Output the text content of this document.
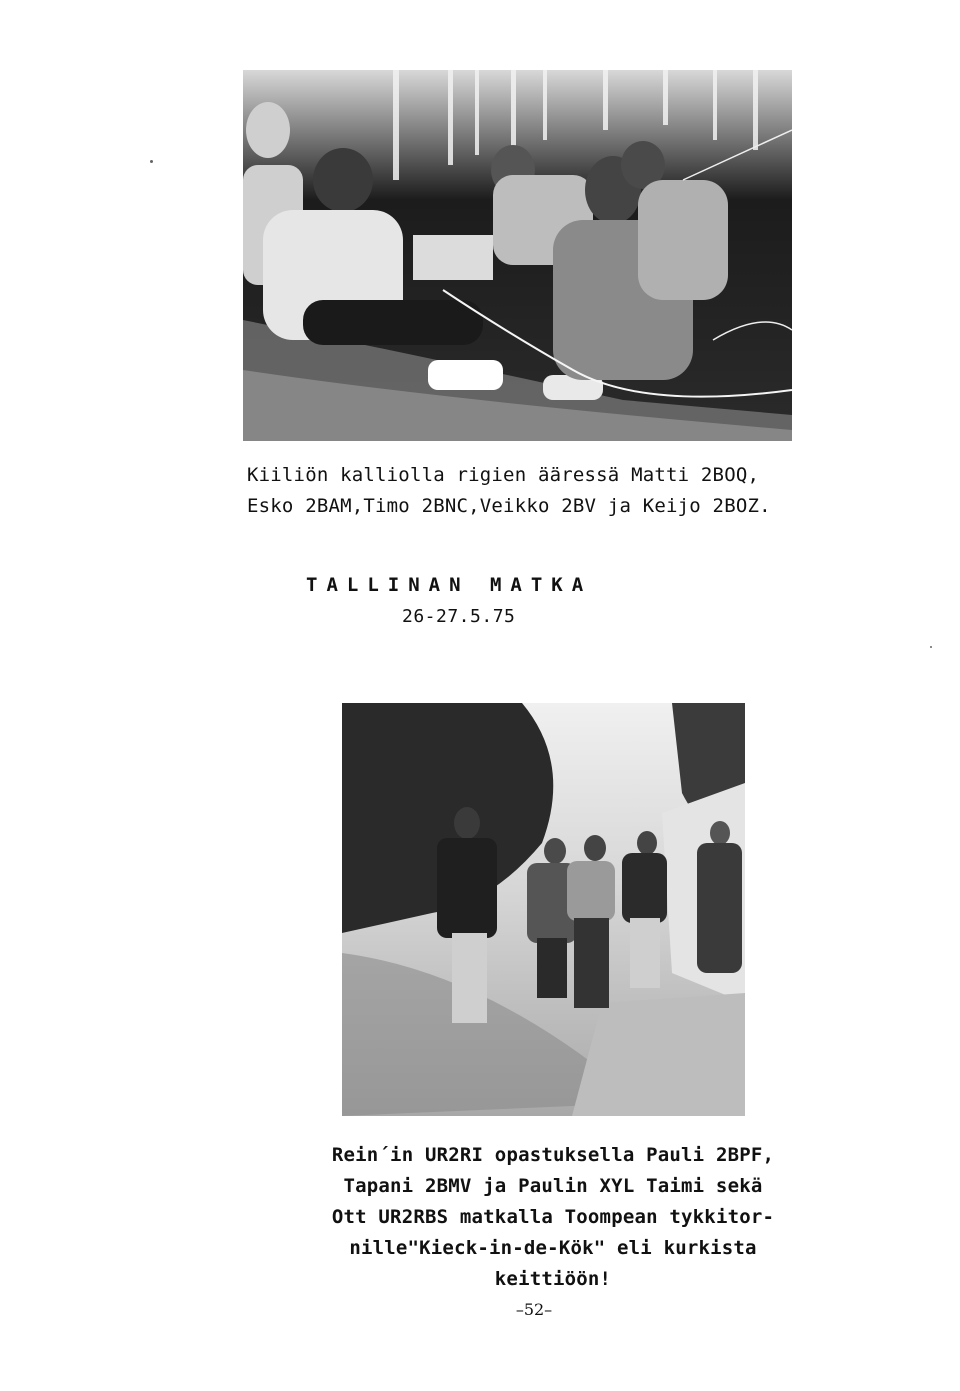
Kiiliön kalliolla rigien ääressä Matti 2BOQ,
Esko 2BAM,Timo 2BNC,Veikko 2BV ja Keijo 2BOZ.
TALLINAN MATKA
26-27.5.75
Rein´in UR2RI opastuksella Pauli 2BPF,
Tapani 2BMV ja Paulin XYL Taimi sekä
Ott UR2RBS matkalla Toompean tykkitor-
nille"Kieck-in-de-Kök" eli kurkista
keittiöön!
–52–
